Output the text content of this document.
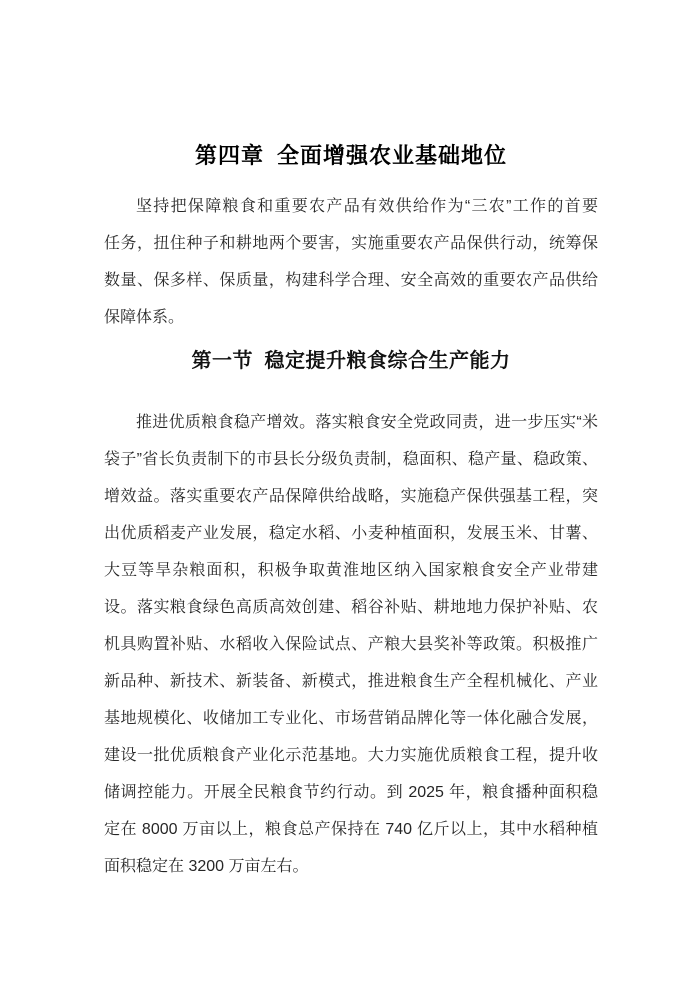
第四章 全面增强农业基础地位
坚持把保障粮食和重要农产品有效供给作为“三农”工作的首要
任务，扭住种子和耕地两个要害，实施重要农产品保供行动，统筹保
数量、保多样、保质量，构建科学合理、安全高效的重要农产品供给
保障体系。
第一节 稳定提升粮食综合生产能力
推进优质粮食稳产增效。落实粮食安全党政同责，进一步压实“米
袋子”省长负责制下的市县长分级负责制，稳面积、稳产量、稳政策、
增效益。落实重要农产品保障供给战略，实施稳产保供强基工程，突
出优质稻麦产业发展，稳定水稻、小麦种植面积，发展玉米、甘薯、
大豆等旱杂粮面积，积极争取黄淮地区纳入国家粮食安全产业带建
设。落实粮食绿色高质高效创建、稻谷补贴、耕地地力保护补贴、农
机具购置补贴、水稻收入保险试点、产粮大县奖补等政策。积极推广
新品种、新技术、新装备、新模式，推进粮食生产全程机械化、产业
基地规模化、收储加工专业化、市场营销品牌化等一体化融合发展，
建设一批优质粮食产业化示范基地。大力实施优质粮食工程，提升收
储调控能力。开展全民粮食节约行动。到 2025 年，粮食播种面积稳
定在 8000 万亩以上，粮食总产保持在 740 亿斤以上，其中水稻种植
面积稳定在 3200 万亩左右。
